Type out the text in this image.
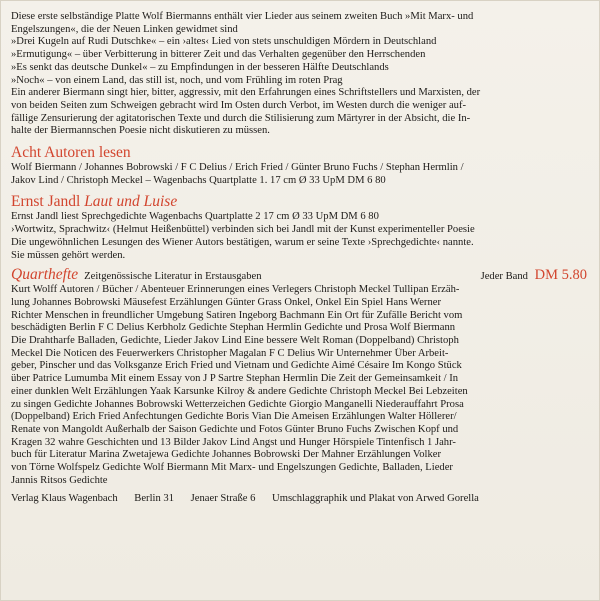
Diese erste selbständige Platte Wolf Biermanns enthält vier Lieder aus seinem zweiten Buch »Mit Marx- und
Engelszungen«, die der Neuen Linken gewidmet sind
»Drei Kugeln auf Rudi Dutschke« – ein ›altes‹ Lied von stets unschuldigen Mördern in Deutschland
»Ermutigung« – über Verbitterung in bitterer Zeit und das Verhalten gegenüber den Herrschenden
»Es senkt das deutsche Dunkel« – zu Empfindungen in der besseren Hälfte Deutschlands
»Noch« – von einem Land, das still ist, noch, und vom Frühling im roten Prag
Ein anderer Biermann singt hier, bitter, aggressiv, mit den Erfahrungen eines Schriftstellers und Marxisten, der
von beiden Seiten zum Schweigen gebracht wird Im Osten durch Verbot, im Westen durch die weniger auf-
fällige Zensurierung der agitatorischen Texte und durch die Stilisierung zum Märtyrer in der Absicht, die In-
halte der Biermannschen Poesie nicht diskutieren zu müssen.
Acht Autoren lesen
Wolf Biermann / Johannes Bobrowski / F C Delius / Erich Fried / Günter Bruno Fuchs / Stephan Hermlin /
Jakov Lind / Christoph Meckel – Wagenbachs Quartplatte 1. 17 cm Ø 33 UpM DM 6 80
Ernst Jandl Laut und Luise
Ernst Jandl liest Sprechgedichte Wagenbachs Quartplatte 2 17 cm Ø 33 UpM DM 6 80
›Wortwitz, Sprachwitz‹ (Helmut Heißenbüttel) verbinden sich bei Jandl mit der Kunst experimenteller Poesie
Die ungewöhnlichen Lesungen des Wiener Autors bestätigen, warum er seine Texte ›Sprechgedichte‹ nannte.
Sie müssen gehört werden.
Quarthefte Zeitgenössische Literatur in Erstausgaben	Jeder Band DM 5.80
Kurt Wolff Autoren / Bücher / Abenteuer Erinnerungen eines Verlegers Christoph Meckel Tullipan Erzäh-
lung Johannes Bobrowski Mäusefest Erzählungen Günter Grass Onkel, Onkel Ein Spiel Hans Werner
Richter Menschen in freundlicher Umgebung Satiren Ingeborg Bachmann Ein Ort für Zufälle Bericht vom
beschädigten Berlin F C Delius Kerbholz Gedichte Stephan Hermlin Gedichte und Prosa Wolf Biermann
Die Drahtharfe Balladen, Gedichte, Lieder Jakov Lind Eine bessere Welt Roman (Doppelband) Christoph
Meckel Die Noticen des Feuerwerkers Christopher Magalan F C Delius Wir Unternehmer Über Arbeit-
geber, Pinscher und das Volksganze Erich Fried und Vietnam und Gedichte Aimé Césaire Im Kongo Stück
über Patrice Lumumba Mit einem Essay von J P Sartre Stephan Hermlin Die Zeit der Gemeinsamkeit / In
einer dunklen Welt Erzählungen Yaak Karsunke Kilroy & andere Gedichte Christoph Meckel Bei Lebzeiten
zu singen Gedichte Johannes Bobrowski Wetterzeichen Gedichte Giorgio Manganelli Niederauffahrt Prosa
(Doppelband) Erich Fried Anfechtungen Gedichte Boris Vian Die Ameisen Erzählungen Walter Höllerer/
Renate von Mangoldt Außerhalb der Saison Gedichte und Fotos Günter Bruno Fuchs Zwischen Kopf und
Kragen 32 wahre Geschichten und 13 Bilder Jakov Lind Angst und Hunger Hörspiele Tintenfisch 1 Jahr-
buch für Literatur Marina Zwetajewa Gedichte Johannes Bobrowski Der Mahner Erzählungen Volker
von Törne Wolfspelz Gedichte Wolf Biermann Mit Marx- und Engelszungen Gedichte, Balladen, Lieder
Jannis Ritsos Gedichte
Verlag Klaus Wagenbach Berlin 31 Jenaer Straße 6 Umschlaggraphik und Plakat von Arwed Gorella
